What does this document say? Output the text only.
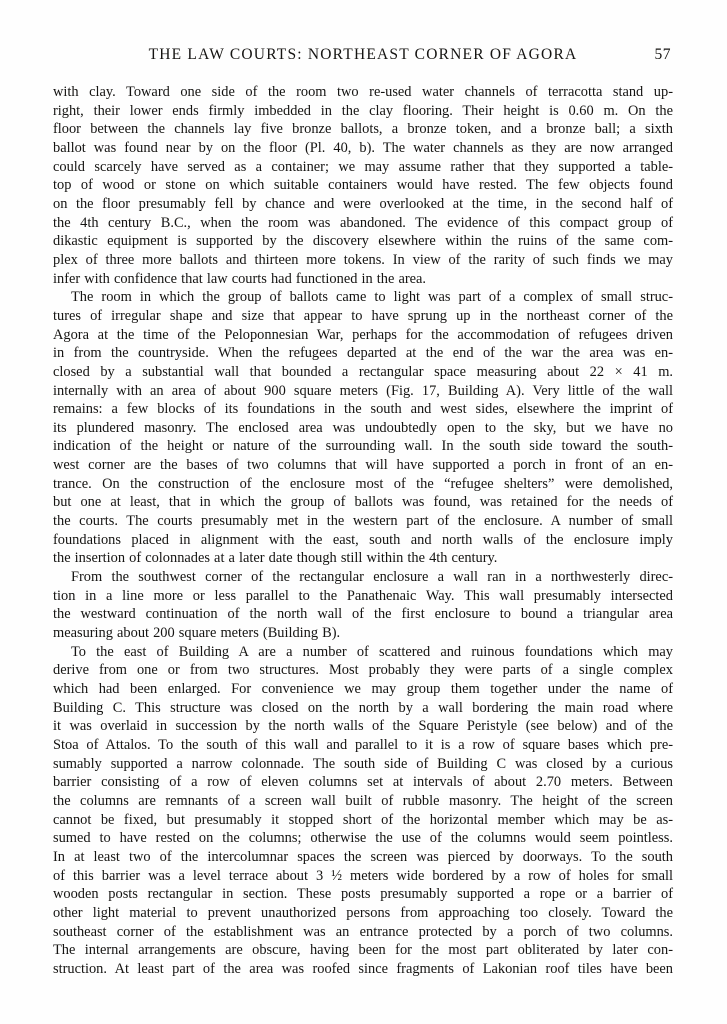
THE LAW COURTS: NORTHEAST CORNER OF AGORA	57
with clay. Toward one side of the room two re-used water channels of terracotta stand up-
right, their lower ends firmly imbedded in the clay flooring. Their height is 0.60 m. On the
floor between the channels lay five bronze ballots, a bronze token, and a bronze ball; a sixth
ballot was found near by on the floor (Pl. 40, b). The water channels as they are now arranged
could scarcely have served as a container; we may assume rather that they supported a table-
top of wood or stone on which suitable containers would have rested. The few objects found
on the floor presumably fell by chance and were overlooked at the time, in the second half of
the 4th century B.C., when the room was abandoned. The evidence of this compact group of
dikastic equipment is supported by the discovery elsewhere within the ruins of the same com-
plex of three more ballots and thirteen more tokens. In view of the rarity of such finds we may
infer with confidence that law courts had functioned in the area.
The room in which the group of ballots came to light was part of a complex of small struc-
tures of irregular shape and size that appear to have sprung up in the northeast corner of the
Agora at the time of the Peloponnesian War, perhaps for the accommodation of refugees driven
in from the countryside. When the refugees departed at the end of the war the area was en-
closed by a substantial wall that bounded a rectangular space measuring about 22 × 41 m.
internally with an area of about 900 square meters (Fig. 17, Building A). Very little of the wall
remains: a few blocks of its foundations in the south and west sides, elsewhere the imprint of
its plundered masonry. The enclosed area was undoubtedly open to the sky, but we have no
indication of the height or nature of the surrounding wall. In the south side toward the south-
west corner are the bases of two columns that will have supported a porch in front of an en-
trance. On the construction of the enclosure most of the “refugee shelters” were demolished,
but one at least, that in which the group of ballots was found, was retained for the needs of
the courts. The courts presumably met in the western part of the enclosure. A number of small
foundations placed in alignment with the east, south and north walls of the enclosure imply
the insertion of colonnades at a later date though still within the 4th century.
From the southwest corner of the rectangular enclosure a wall ran in a northwesterly direc-
tion in a line more or less parallel to the Panathenaic Way. This wall presumably intersected
the westward continuation of the north wall of the first enclosure to bound a triangular area
measuring about 200 square meters (Building B).
To the east of Building A are a number of scattered and ruinous foundations which may
derive from one or from two structures. Most probably they were parts of a single complex
which had been enlarged. For convenience we may group them together under the name of
Building C. This structure was closed on the north by a wall bordering the main road where
it was overlaid in succession by the north walls of the Square Peristyle (see below) and of the
Stoa of Attalos. To the south of this wall and parallel to it is a row of square bases which pre-
sumably supported a narrow colonnade. The south side of Building C was closed by a curious
barrier consisting of a row of eleven columns set at intervals of about 2.70 meters. Between
the columns are remnants of a screen wall built of rubble masonry. The height of the screen
cannot be fixed, but presumably it stopped short of the horizontal member which may be as-
sumed to have rested on the columns; otherwise the use of the columns would seem pointless.
In at least two of the intercolumnar spaces the screen was pierced by doorways. To the south
of this barrier was a level terrace about 3 ½ meters wide bordered by a row of holes for small
wooden posts rectangular in section. These posts presumably supported a rope or a barrier of
other light material to prevent unauthorized persons from approaching too closely. Toward the
southeast corner of the establishment was an entrance protected by a porch of two columns.
The internal arrangements are obscure, having been for the most part obliterated by later con-
struction. At least part of the area was roofed since fragments of Lakonian roof tiles have been
